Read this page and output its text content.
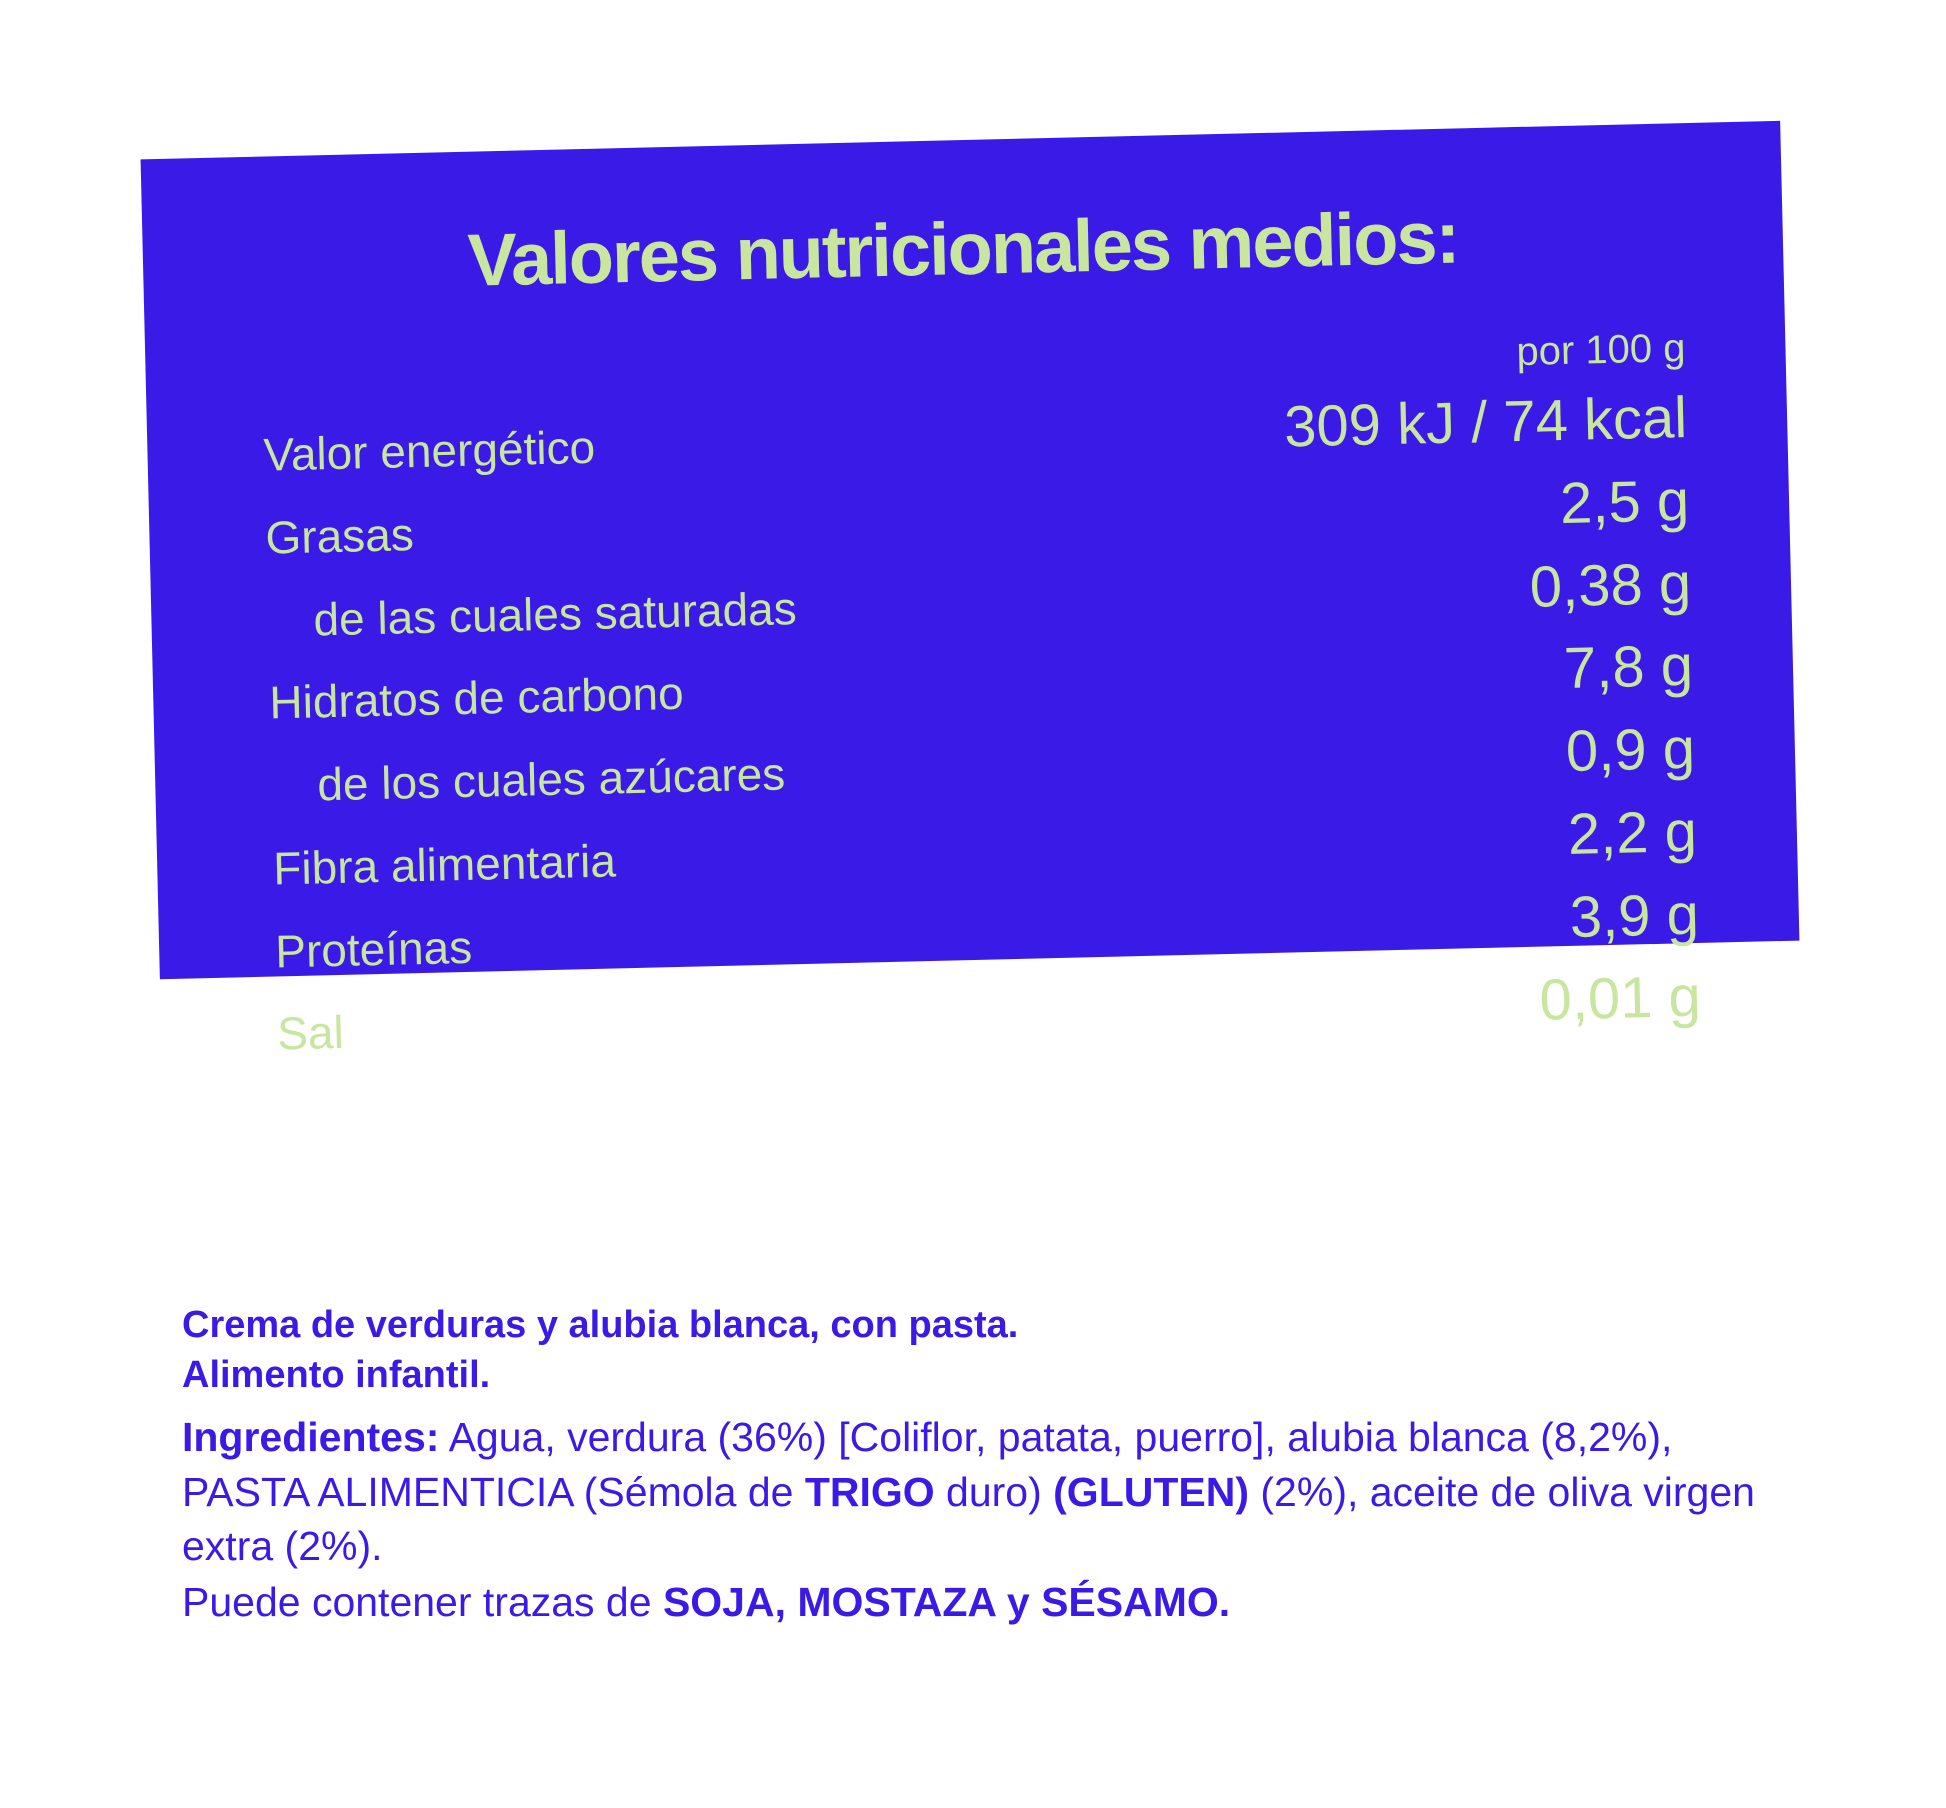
Valores nutricionales medios:
por 100 g
Valor energético	309 kJ / 74 kcal
Grasas	2,5 g
de las cuales saturadas	0,38 g
Hidratos de carbono	7,8 g
de los cuales azúcares	0,9 g
Fibra alimentaria	2,2 g
Proteínas	3,9 g
Sal	0,01 g
Crema de verduras y alubia blanca, con pasta.
Alimento infantil.
Ingredientes: Agua, verdura (36%) [Coliflor, patata, puerro], alubia blanca (8,2%), PASTA ALIMENTICIA (Sémola de TRIGO duro) (GLUTEN) (2%), aceite de oliva virgen extra (2%).
Puede contener trazas de SOJA, MOSTAZA y SÉSAMO.
